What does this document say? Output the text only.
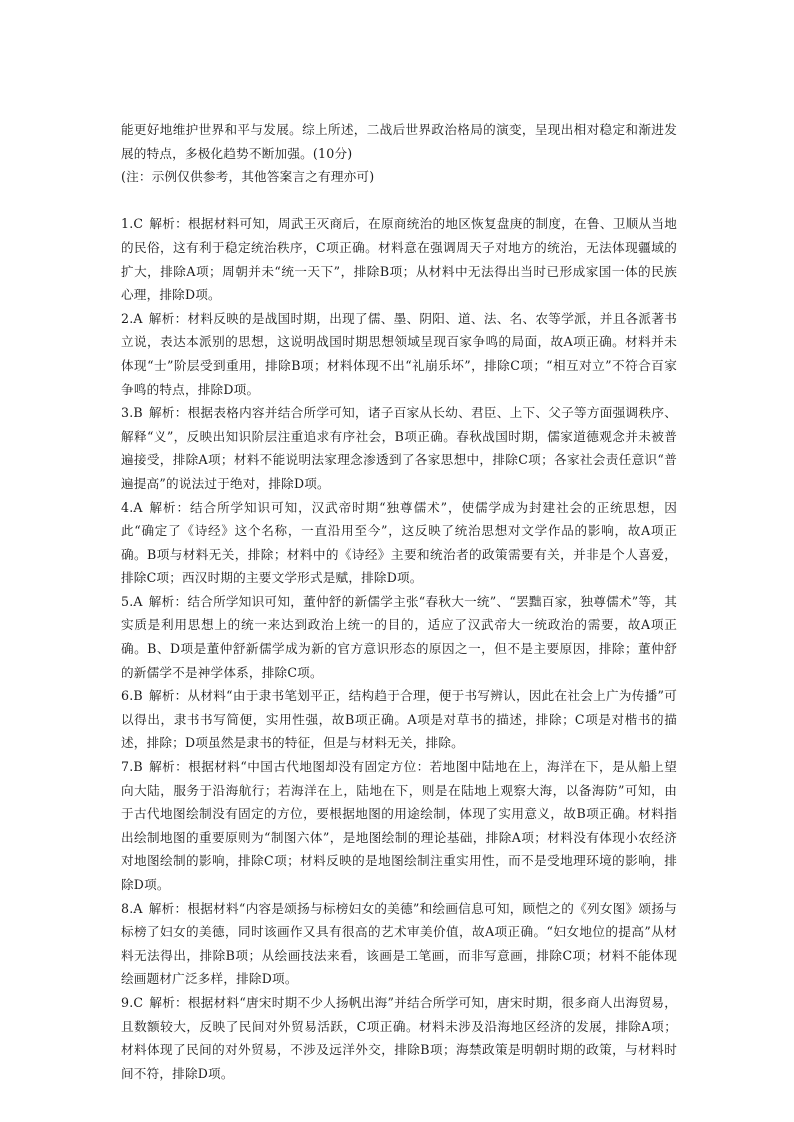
能更好地维护世界和平与发展。综上所述，二战后世界政治格局的演变，呈现出相对稳定和渐进发展的特点，多极化趋势不断加强。(10分)

(注：示例仅供参考，其他答案言之有理亦可)

1.C 解析：根据材料可知，周武王灭商后，在原商统治的地区恢复盘庚的制度，在鲁、卫顺从当地的民俗，这有利于稳定统治秩序，C项正确。材料意在强调周天子对地方的统治，无法体现疆域的扩大，排除A项；周朝并未“统一天下”，排除B项；从材料中无法得出当时已形成家国一体的民族心理，排除D项。

2.A 解析：材料反映的是战国时期，出现了儒、墨、阴阳、道、法、名、农等学派，并且各派著书立说，表达本派别的思想，这说明战国时期思想领域呈现百家争鸣的局面，故A项正确。材料并未体现“士”阶层受到重用，排除B项；材料体现不出“礼崩乐坏”，排除C项；“相互对立”不符合百家争鸣的特点，排除D项。

3.B 解析：根据表格内容并结合所学可知，诸子百家从长幼、君臣、上下、父子等方面强调秩序、解释“义”，反映出知识阶层注重追求有序社会，B项正确。春秋战国时期，儒家道德观念并未被普遍接受，排除A项；材料不能说明法家理念渗透到了各家思想中，排除C项；各家社会责任意识“普遍提高”的说法过于绝对，排除D项。

4.A 解析：结合所学知识可知，汉武帝时期“独尊儒术”，使儒学成为封建社会的正统思想，因此“确定了《诗经》这个名称，一直沿用至今”，这反映了统治思想对文学作品的影响，故A项正确。B项与材料无关，排除；材料中的《诗经》主要和统治者的政策需要有关，并非是个人喜爱，排除C项；西汉时期的主要文学形式是赋，排除D项。

5.A 解析：结合所学知识可知，董仲舒的新儒学主张“春秋大一统”、“罢黜百家，独尊儒术”等，其实质是利用思想上的统一来达到政治上统一的目的，适应了汉武帝大一统政治的需要，故A项正确。B、D项是董仲舒新儒学成为新的官方意识形态的原因之一，但不是主要原因，排除；董仲舒的新儒学不是神学体系，排除C项。

6.B 解析：从材料“由于隶书笔划平正，结构趋于合理，便于书写辨认，因此在社会上广为传播”可以得出，隶书书写简便，实用性强，故B项正确。A项是对草书的描述，排除；C项是对楷书的描述，排除；D项虽然是隶书的特征，但是与材料无关，排除。

7.B 解析：根据材料“中国古代地图却没有固定方位：若地图中陆地在上，海洋在下，是从船上望向大陆，服务于沿海航行；若海洋在上，陆地在下，则是在陆地上观察大海，以备海防”可知，由于古代地图绘制没有固定的方位，要根据地图的用途绘制，体现了实用意义，故B项正确。材料指出绘制地图的重要原则为“制图六体”，是地图绘制的理论基础，排除A项；材料没有体现小农经济对地图绘制的影响，排除C项；材料反映的是地图绘制注重实用性，而不是受地理环境的影响，排除D项。

8.A 解析：根据材料“内容是颂扬与标榜妇女的美德”和绘画信息可知，顾恺之的《列女图》颂扬与标榜了妇女的美德，同时该画作又具有很高的艺术审美价值，故A项正确。“妇女地位的提高”从材料无法得出，排除B项；从绘画技法来看，该画是工笔画，而非写意画，排除C项；材料不能体现绘画题材广泛多样，排除D项。

9.C 解析：根据材料“唐宋时期不少人扬帆出海”并结合所学可知，唐宋时期，很多商人出海贸易，且数额较大，反映了民间对外贸易活跃，C项正确。材料未涉及沿海地区经济的发展，排除A项；材料体现了民间的对外贸易，不涉及远洋外交，排除B项；海禁政策是明朝时期的政策，与材料时间不符，排除D项。
